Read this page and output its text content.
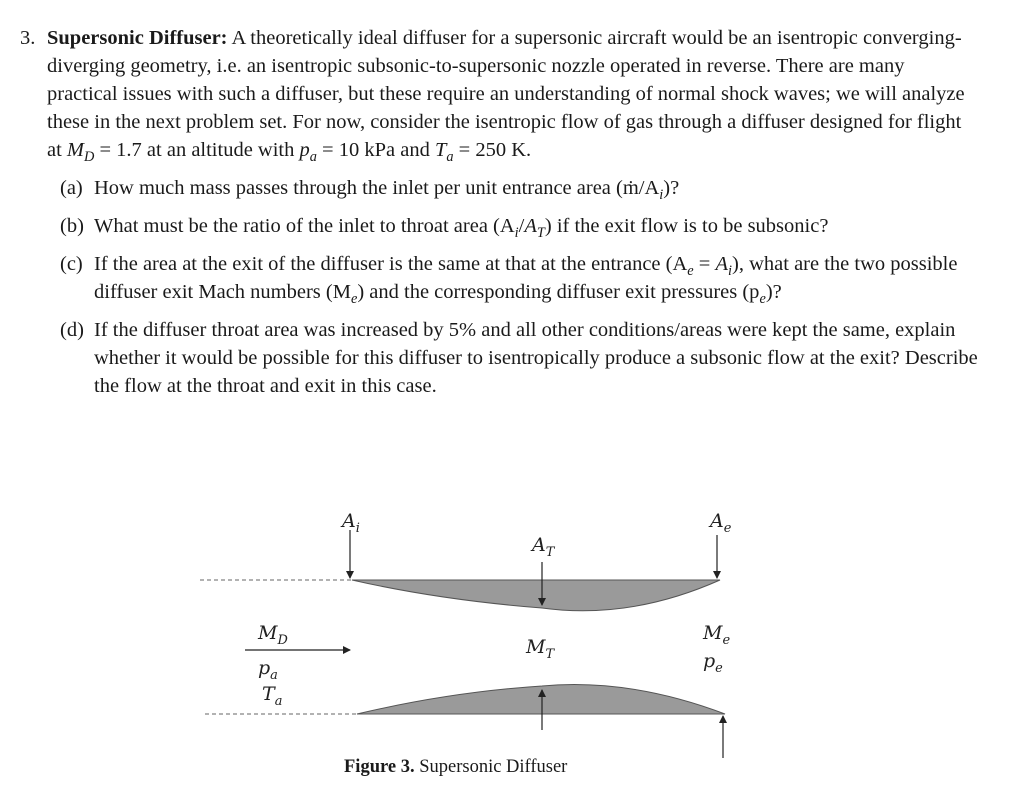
3. Supersonic Diffuser: A theoretically ideal diffuser for a supersonic aircraft would be an isentropic converging-diverging geometry, i.e. an isentropic subsonic-to-supersonic nozzle operated in reverse. There are many practical issues with such a diffuser, but these require an understanding of normal shock waves; we will analyze these in the next problem set. For now, consider the isentropic flow of gas through a diffuser designed for flight at $M_D = 1.7$ at an altitude with $p_a = 10$ kPa and $T_a = 250$ K.
(a) How much mass passes through the inlet per unit entrance area $(ṁ/A_i)$?
(b) What must be the ratio of the inlet to throat area $(A_i/A_T)$ if the exit flow is to be subsonic?
(c) If the area at the exit of the diffuser is the same at that at the entrance $(A_e = A_i)$, what are the two possible diffuser exit Mach numbers $(M_e)$ and the corresponding diffuser exit pressures $(p_e)$?
(d) If the diffuser throat area was increased by 5% and all other conditions/areas were kept the same, explain whether it would be possible for this diffuser to isentropically produce a subsonic flow at the exit? Describe the flow at the throat and exit in this case.
$A_i$
$A_T$
$A_e$
$M_D$
$p_a$
$T_a$
$M_T$
$M_e$
$p_e$
Figure 3. Supersonic Diffuser
